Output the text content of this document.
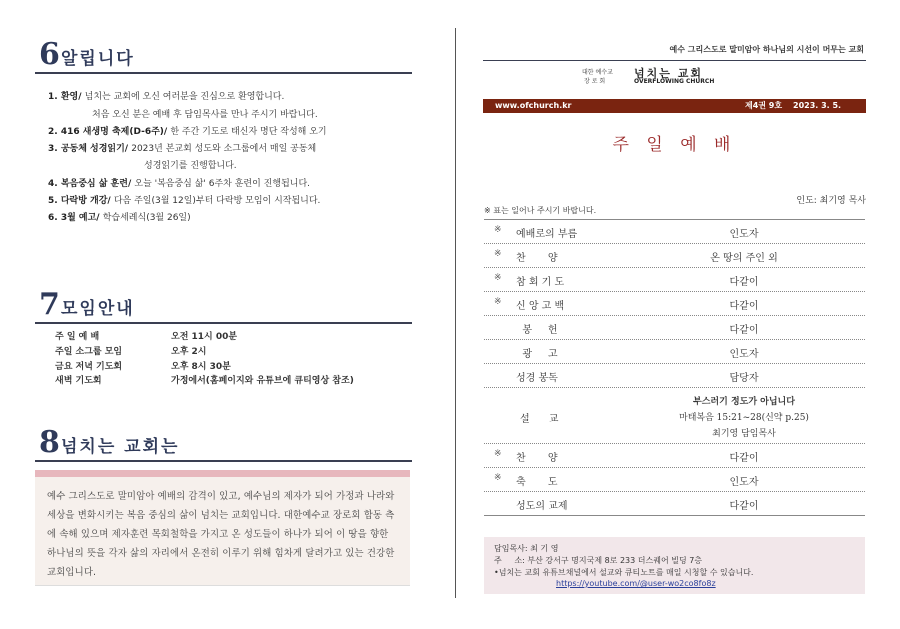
6 알립니다
1. 환영/ 넘치는 교회에 오신 여러분을 진심으로 환영합니다.
처음 오신 분은 예배 후 담임목사를 만나 주시기 바랍니다.
2. 416 새생명 축제(D-6주)/ 한 주간 기도로 태신자 명단 작성해 오기
3. 공동체 성경읽기/ 2023년 본교회 성도와 소그룹에서 매일 공동체
성경읽기를 진행합니다.
4. 복음중심 삶 훈련/ 오늘 '복음중심 삶' 6주차 훈련이 진행됩니다.
5. 다락방 개강/ 다음 주일(3월 12일)부터 다락방 모임이 시작됩니다.
6. 3월 예고/ 학습세례식(3월 26일)
7 모임안내
주 일 예 배	오전 11시 00분
주일 소그룹 모임	오후 2시
금요 저녁 기도회	오후 8시 30분
새벽 기도회	가정에서(홈페이지와 유튜브에 큐티영상 참조)
8 넘치는 교회는

예수 그리스도로 말미암아 예배의 감격이 있고, 예수님의 제자가 되어 가정과 나라와 세상을 변화시키는 복음 중심의 삶이 넘치는 교회입니다. 대한예수교 장로회 합동 측에 속해 있으며 제자훈련 목회철학을 가지고 온 성도들이 하나가 되어 이 땅을 향한 하나님의 뜻을 각자 삶의 자리에서 온전히 이루기 위해 힘차게 달려가고 있는 건강한 교회입니다.

예수 그리스도로 말미암아 하나님의 시선이 머무는 교회
대한 예수교
장 로 회
넘치는 교회
OVERFLOWING CHURCH
www.ofchurch.kr	제4권 9호 2023. 3. 5.
주 일 예 배
인도: 최기영 목사
※ 표는 일어나 주시기 바랍니다.
※ 예배로의 부름	인도자
※ 찬       양	온 땅의 주인 외
※ 참 회 기 도	다같이
※ 신 앙 고 백	다같이
봉     헌	다같이
광     고	인도자
성경 봉독	담당자
설      교
부스러기 정도가 아닙니다
마태복음 15:21~28(신약 p.25)
최기영 담임목사
※ 찬       양	다같이
※ 축       도	인도자
성도의 교제	다같이
담임목사: 최 기 영
주     소: 부산 강서구 명지국제 8로 233 더스퀘어 빌딩 7층
•넘치는 교회 유튜브채널에서 설교와 큐티노트를 매일 시청할 수 있습니다.
https://youtube.com/@user-wo2co8fo8z
